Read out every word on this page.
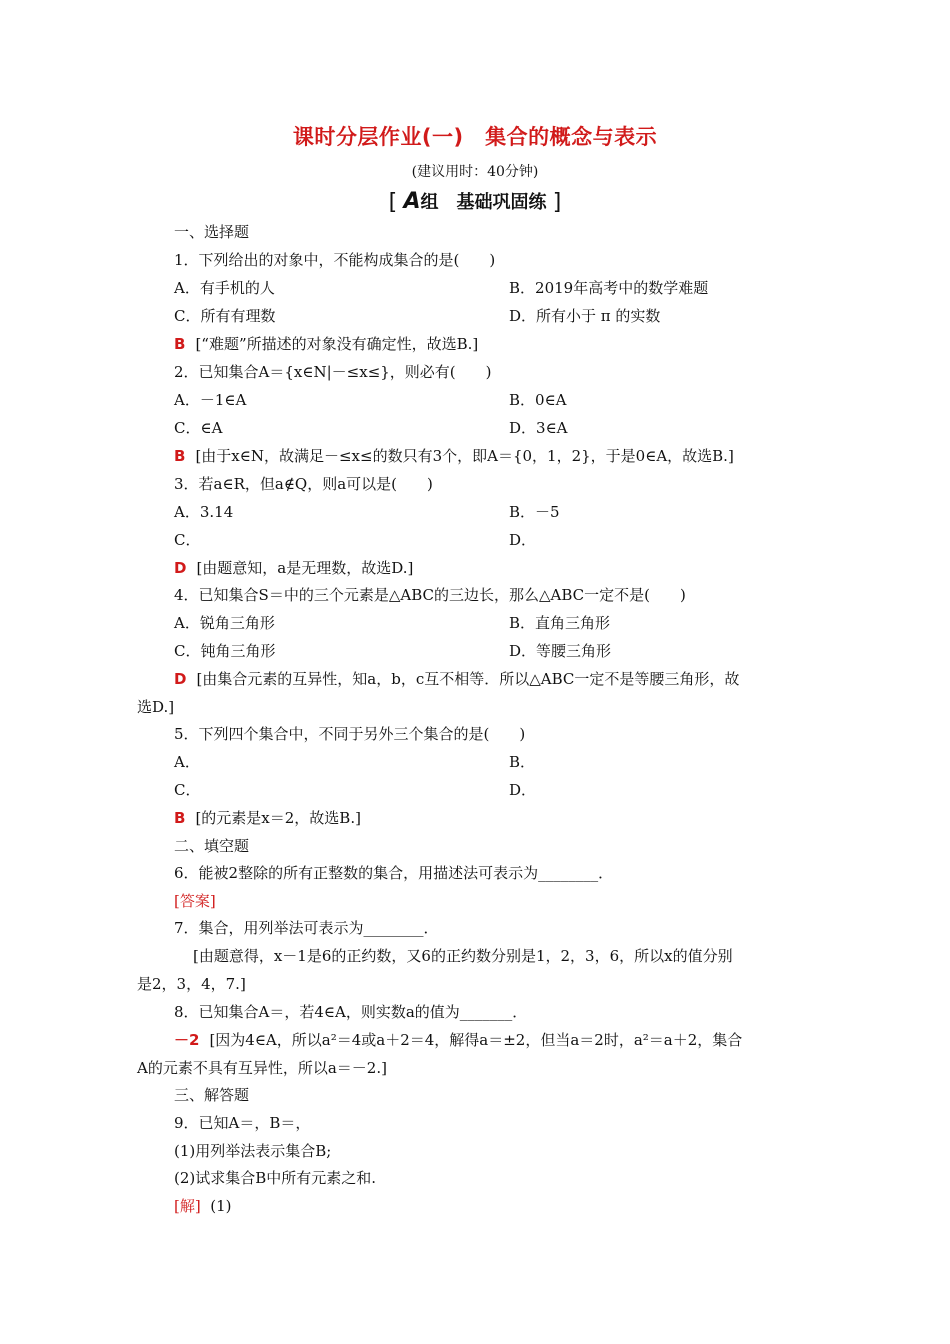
课时分层作业(一)　集合的概念与表示
(建议用时：40分钟)
[ A组　基础巩固练 ]
一、选择题
1．下列给出的对象中，不能构成集合的是(　　)
A．有手机的人	B．2019年高考中的数学难题
C．所有有理数	D．所有小于 π 的实数
B [“难题”所描述的对象没有确定性，故选B.]
2．已知集合A＝{x∈N|－≤x≤}，则必有(　　)
A．－1∈A	B．0∈A
C．∈A	D．3∈A
B [由于x∈N，故满足－≤x≤的数只有3个，即A＝{0，1，2}，于是0∈A，故选B.]
3．若a∈R，但a∉Q，则a可以是(　　)
A．3.14	B．－5
C．	D．
D [由题意知，a是无理数，故选D.]
4．已知集合S＝中的三个元素是△ABC的三边长，那么△ABC一定不是(　　)
A．锐角三角形	B．直角三角形
C．钝角三角形	D．等腰三角形
D [由集合元素的互异性，知a，b，c互不相等．所以△ABC一定不是等腰三角形，故
选D.]
5．下列四个集合中，不同于另外三个集合的是(　　)
A．	B．
C．	D．
B [的元素是x＝2，故选B.]
二、填空题
6．能被2整除的所有正整数的集合，用描述法可表示为________．
[答案]
7．集合，用列举法可表示为________．
[由题意得，x－1是6的正约数，又6的正约数分别是1，2，3，6，所以x的值分别
是2，3，4，7.]
8．已知集合A＝，若4∈A，则实数a的值为_______．
－2 [因为4∈A，所以a²＝4或a＋2＝4，解得a＝±2，但当a＝2时，a²＝a＋2，集合
A的元素不具有互异性，所以a＝－2.]
三、解答题
9．已知A＝，B＝，
(1)用列举法表示集合B;
(2)试求集合B中所有元素之和.
[解] (1)
